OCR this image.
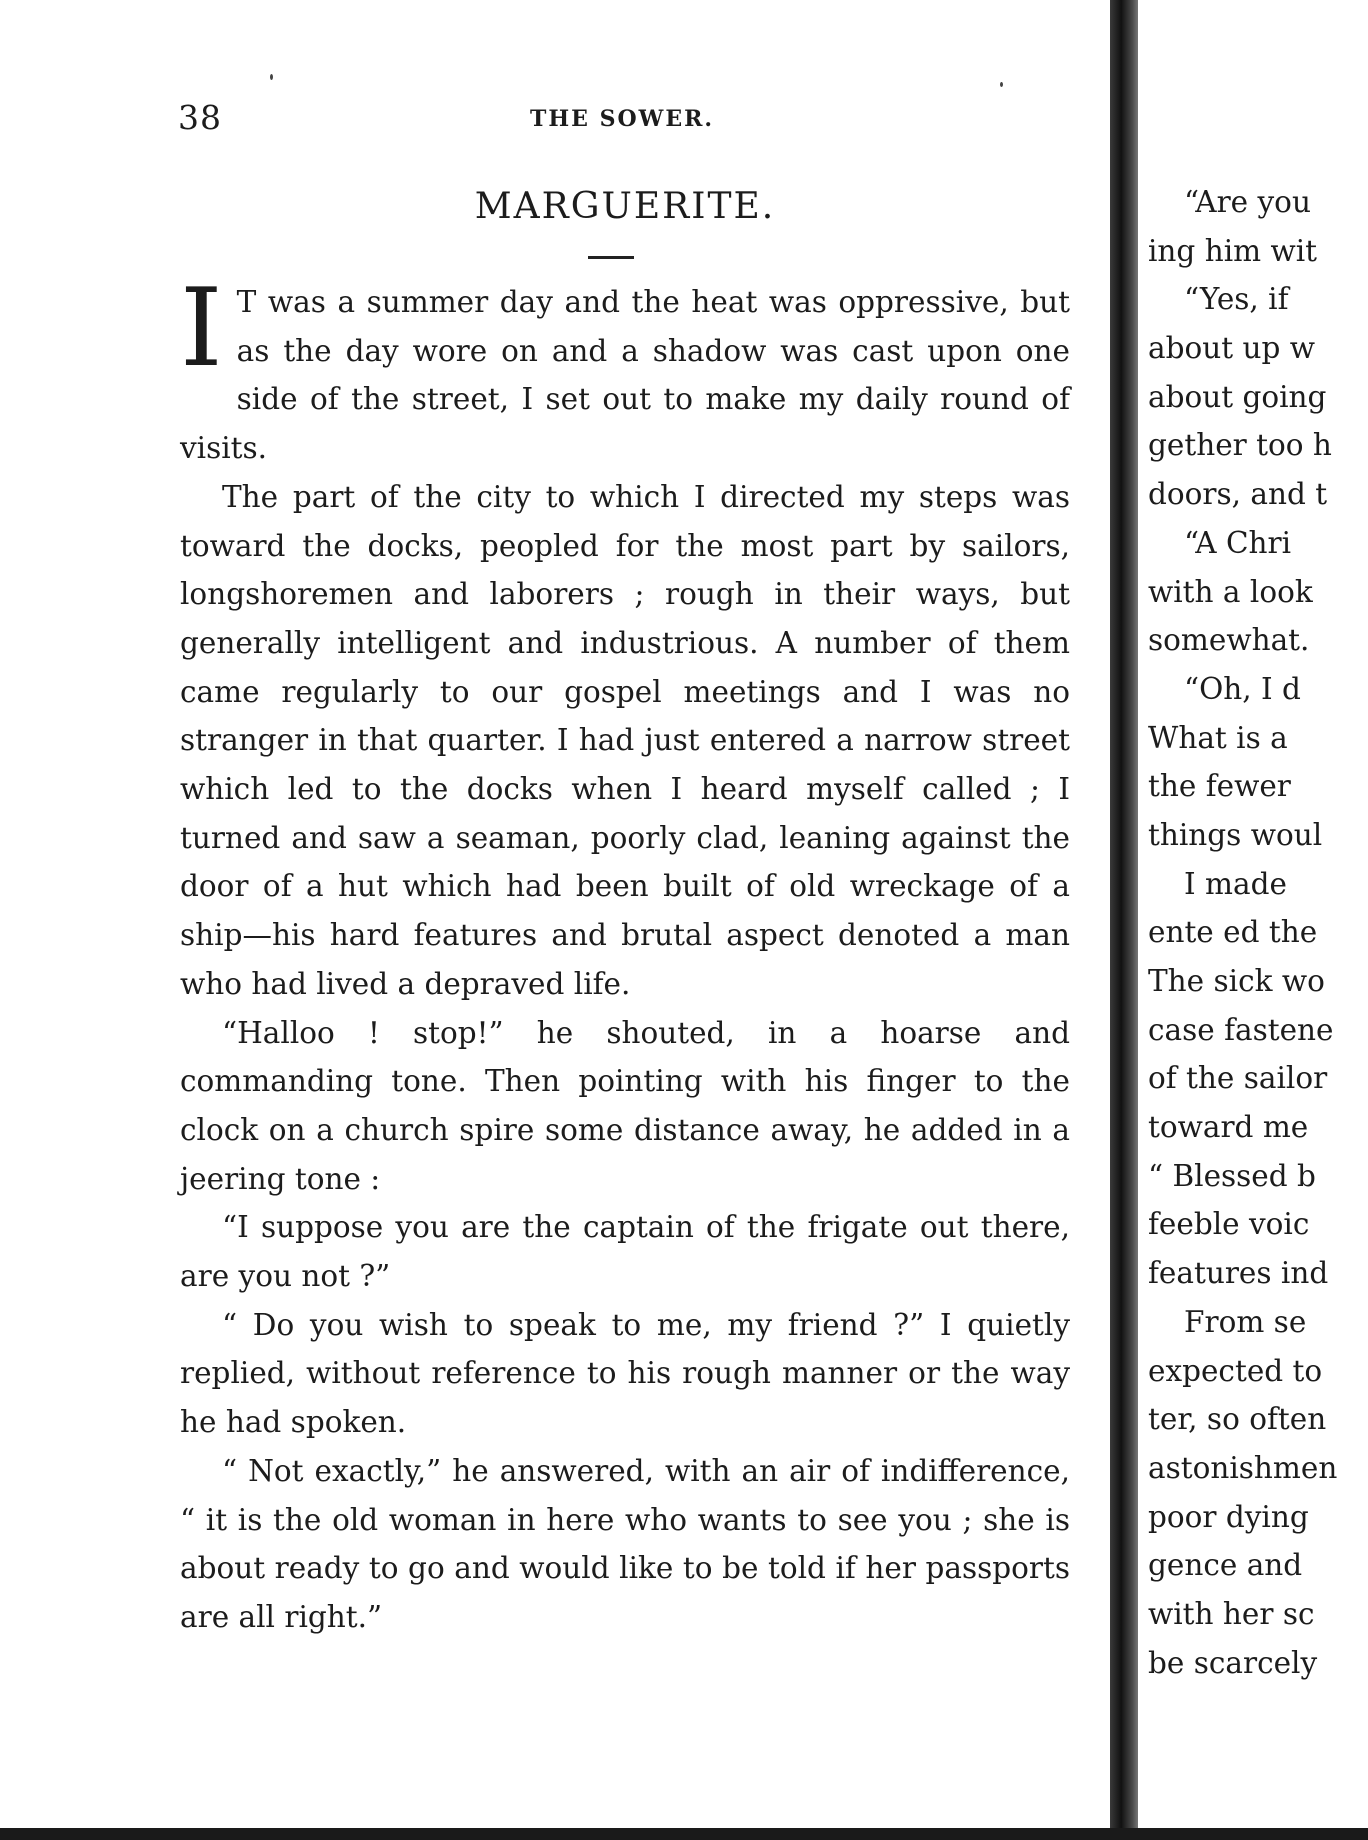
38	THE SOWER.
MARGUERITE.

I T was a summer day and the heat was oppressive, but as the day wore on and a shadow was cast upon one side of the street, I set out to make my daily round of visits.

The part of the city to which I directed my steps was toward the docks, peopled for the most part by sailors, longshoremen and laborers ; rough in their ways, but generally intelligent and industrious. A number of them came regularly to our gospel meetings and I was no stranger in that quarter. I had just entered a narrow street which led to the docks when I heard myself called ; I turned and saw a seaman, poorly clad, leaning against the door of a hut which had been built of old wreckage of a ship—his hard features and brutal aspect denoted a man who had lived a depraved life.

“Halloo ! stop!” he shouted, in a hoarse and commanding tone. Then pointing with his finger to the clock on a church spire some distance away, he added in a jeering tone :

“I suppose you are the captain of the frigate out there, are you not ?”

“ Do you wish to speak to me, my friend ?” I quietly replied, without reference to his rough manner or the way he had spoken.

“ Not exactly,” he answered, with an air of indifference, “ it is the old woman in here who wants to see you ; she is about ready to go and would like to be told if her passports are all right.”

“Are you
ing him wit
“Yes, if
about up w
about going
gether too h
doors, and t
“A Chri
with a look
somewhat.
“Oh, I d
What is a
the fewer
things woul
I made
ente ed the
The sick wo
case fastene
of the sailor
toward me
“ Blessed b
feeble voic
features ind
From se
expected to
ter, so often
astonishmen
poor dying
gence and
with her sc
be scarcely
